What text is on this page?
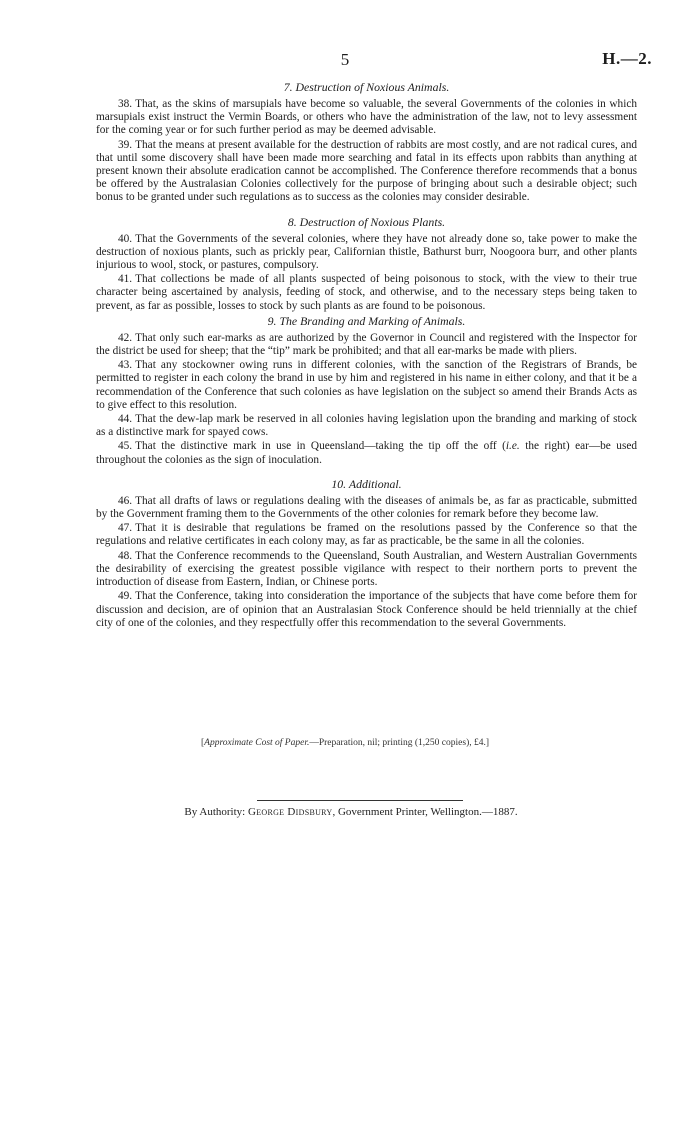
5	H.—2.
7. Destruction of Noxious Animals.

38. That, as the skins of marsupials have become so valuable, the several Governments of the colonies in which marsupials exist instruct the Vermin Boards, or others who have the administration of the law, not to levy assessment for the coming year or for such further period as may be deemed advisable.

39. That the means at present available for the destruction of rabbits are most costly, and are not radical cures, and that until some discovery shall have been made more searching and fatal in its effects upon rabbits than anything at present known their absolute eradication cannot be accomplished. The Conference therefore recommends that a bonus be offered by the Australasian Colonies collectively for the purpose of bringing about such a desirable object; such bonus to be granted under such regulations as to success as the colonies may consider desirable.

8. Destruction of Noxious Plants.

40. That the Governments of the several colonies, where they have not already done so, take power to make the destruction of noxious plants, such as prickly pear, Californian thistle, Bathurst burr, Noogoora burr, and other plants injurious to wool, stock, or pastures, compulsory.

41. That collections be made of all plants suspected of being poisonous to stock, with the view to their true character being ascertained by analysis, feeding of stock, and otherwise, and to the necessary steps being taken to prevent, as far as possible, losses to stock by such plants as are found to be poisonous.

9. The Branding and Marking of Animals.

42. That only such ear-marks as are authorized by the Governor in Council and registered with the Inspector for the district be used for sheep; that the “tip” mark be prohibited; and that all ear-marks be made with pliers.

43. That any stockowner owing runs in different colonies, with the sanction of the Registrars of Brands, be permitted to register in each colony the brand in use by him and registered in his name in either colony, and that it be a recommendation of the Conference that such colonies as have legislation on the subject so amend their Brands Acts as to give effect to this resolution.

44. That the dew-lap mark be reserved in all colonies having legislation upon the branding and marking of stock as a distinctive mark for spayed cows.

45. That the distinctive mark in use in Queensland—taking the tip off the off (i.e. the right) ear—be used throughout the colonies as the sign of inoculation.

10. Additional.

46. That all drafts of laws or regulations dealing with the diseases of animals be, as far as practicable, submitted by the Government framing them to the Governments of the other colonies for remark before they become law.

47. That it is desirable that regulations be framed on the resolutions passed by the Conference so that the regulations and relative certificates in each colony may, as far as practicable, be the same in all the colonies.

48. That the Conference recommends to the Queensland, South Australian, and Western Australian Governments the desirability of exercising the greatest possible vigilance with respect to their northern ports to prevent the introduction of disease from Eastern, Indian, or Chinese ports.

49. That the Conference, taking into consideration the importance of the subjects that have come before them for discussion and decision, are of opinion that an Australasian Stock Conference should be held triennially at the chief city of one of the colonies, and they respectfully offer this recommendation to the several Governments.

[Approximate Cost of Paper.—Preparation, nil; printing (1,250 copies), £4.]
By Authority: George Didsbury, Government Printer, Wellington.—1887.
